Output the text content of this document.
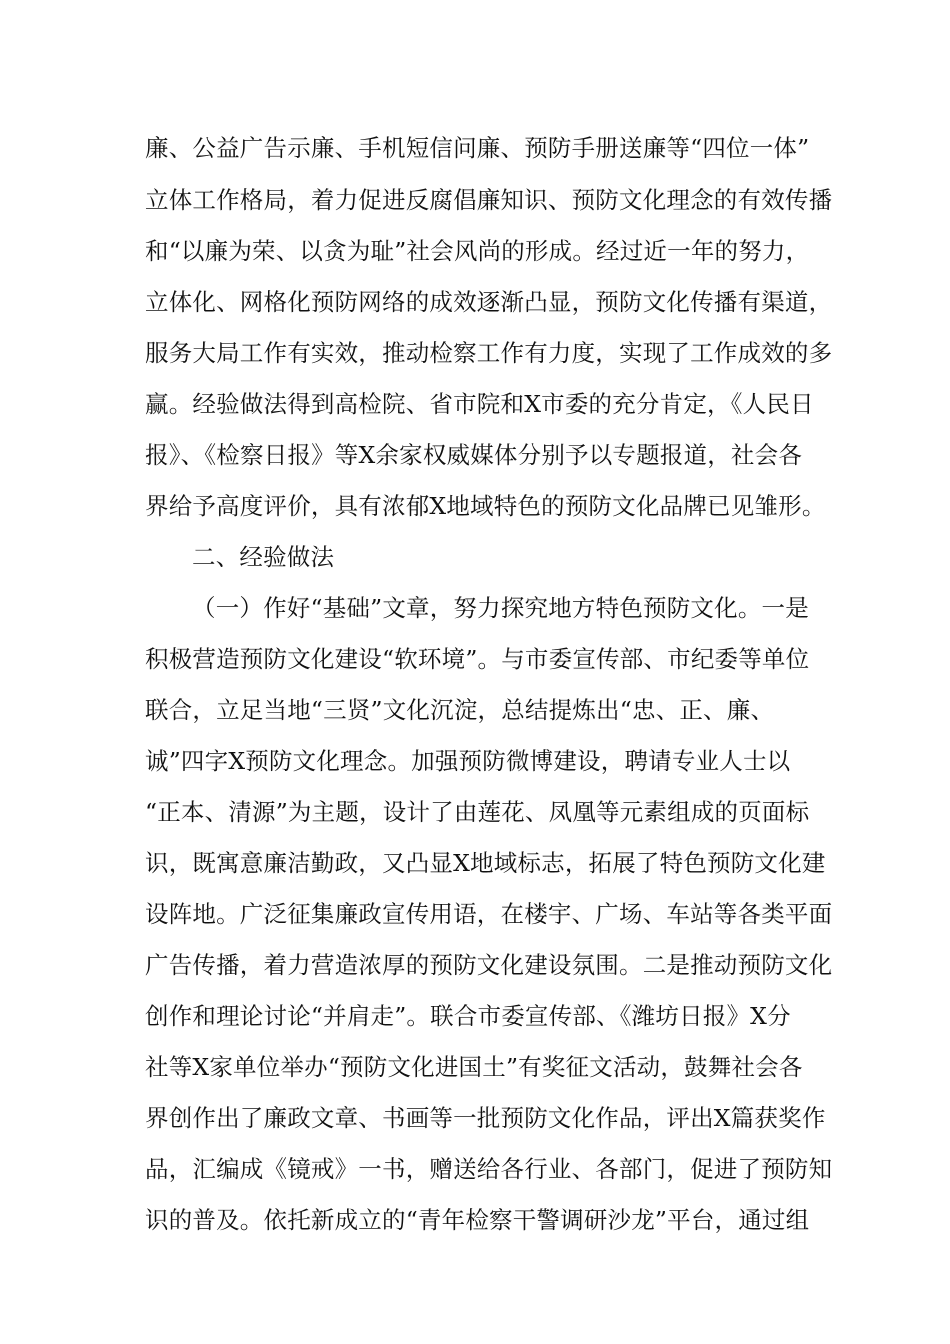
廉、公益广告示廉、手机短信问廉、预防手册送廉等“四位一体”
立体工作格局，着力促进反腐倡廉知识、预防文化理念的有效传播
和“以廉为荣、以贪为耻”社会风尚的形成。经过近一年的努力，
立体化、网格化预防网络的成效逐渐凸显，预防文化传播有渠道，
服务大局工作有实效，推动检察工作有力度，实现了工作成效的多
赢。经验做法得到高检院、省市院和X市委的充分肯定，《人民日
报》、《检察日报》等X余家权威媒体分别予以专题报道，社会各
界给予高度评价，具有浓郁X地域特色的预防文化品牌已见雏形。
二、经验做法
（一）作好“基础”文章，努力探究地方特色预防文化。一是
积极营造预防文化建设“软环境”。与市委宣传部、市纪委等单位
联合，立足当地“三贤”文化沉淀，总结提炼出“忠、正、廉、
诚”四字X预防文化理念。加强预防微博建设，聘请专业人士以
“正本、清源”为主题，设计了由莲花、凤凰等元素组成的页面标
识，既寓意廉洁勤政，又凸显X地域标志，拓展了特色预防文化建
设阵地。广泛征集廉政宣传用语，在楼宇、广场、车站等各类平面
广告传播，着力营造浓厚的预防文化建设氛围。二是推动预防文化
创作和理论讨论“并肩走”。联合市委宣传部、《潍坊日报》X分
社等X家单位举办“预防文化进国土”有奖征文活动，鼓舞社会各
界创作出了廉政文章、书画等一批预防文化作品，评出X篇获奖作
品，汇编成《镜戒》一书，赠送给各行业、各部门，促进了预防知
识的普及。依托新成立的“青年检察干警调研沙龙”平台，通过组
